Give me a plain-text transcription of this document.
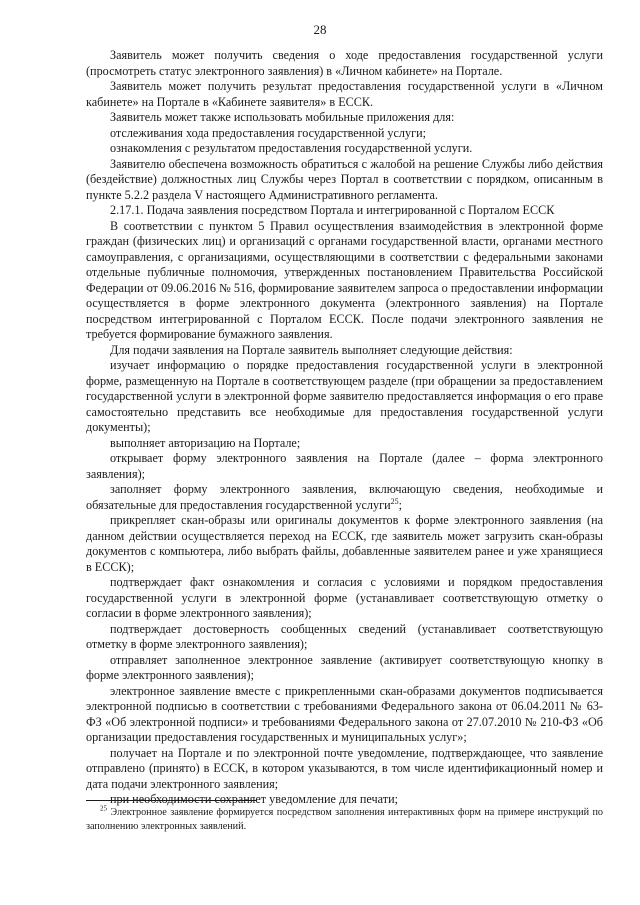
28

Заявитель может получить сведения о ходе предоставления государственной услуги (просмотреть статус электронного заявления) в «Личном кабинете» на Портале.

Заявитель может получить результат предоставления государственной услуги в «Личном кабинете» на Портале в «Кабинете заявителя» в ЕССК.

Заявитель может также использовать мобильные приложения для:

отслеживания хода предоставления государственной услуги;

ознакомления с результатом предоставления государственной услуги.

Заявителю обеспечена возможность обратиться с жалобой на решение Службы либо действия (бездействие) должностных лиц Службы через Портал в соответствии с порядком, описанным в пункте 5.2.2 раздела V настоящего Административного регламента.

2.17.1. Подача заявления посредством Портала и интегрированной с Порталом ЕССК

В соответствии с пунктом 5 Правил осуществления взаимодействия в электронной форме граждан (физических лиц) и организаций с органами государственной власти, органами местного самоуправления, с организациями, осуществляющими в соответствии с федеральными законами отдельные публичные полномочия, утвержденных постановлением Правительства Российской Федерации от 09.06.2016 № 516, формирование заявителем запроса о предоставлении информации осуществляется в форме электронного документа (электронного заявления) на Портале посредством интегрированной с Порталом ЕССК. После подачи электронного заявления не требуется формирование бумажного заявления.

Для подачи заявления на Портале заявитель выполняет следующие действия:

изучает информацию о порядке предоставления государственной услуги в электронной форме, размещенную на Портале в соответствующем разделе (при обращении за предоставлением государственной услуги в электронной форме заявителю предоставляется информация о его праве самостоятельно представить все необходимые для предоставления государственной услуги документы);

выполняет авторизацию на Портале;

открывает форму электронного заявления на Портале (далее – форма электронного заявления);

заполняет форму электронного заявления, включающую сведения, необходимые и обязательные для предоставления государственной услуги$^{25}$;

прикрепляет скан-образы или оригиналы документов к форме электронного заявления (на данном действии осуществляется переход на ЕССК, где заявитель может загрузить скан-образы документов с компьютера, либо выбрать файлы, добавленные заявителем ранее и уже хранящиеся в ЕССК);

подтверждает факт ознакомления и согласия с условиями и порядком предоставления государственной услуги в электронной форме (устанавливает соответствующую отметку о согласии в форме электронного заявления);

подтверждает достоверность сообщенных сведений (устанавливает соответствующую отметку в форме электронного заявления);

отправляет заполненное электронное заявление (активирует соответствующую кнопку в форме электронного заявления);

электронное заявление вместе с прикрепленными скан-образами документов подписывается электронной подписью в соответствии с требованиями Федерального закона от 06.04.2011 № 63-ФЗ «Об электронной подписи» и требованиями Федерального закона от 27.07.2010 № 210-ФЗ «Об организации предоставления государственных и муниципальных услуг»;

получает на Портале и по электронной почте уведомление, подтверждающее, что заявление отправлено (принято) в ЕССК, в котором указываются, в том числе идентификационный номер и дата подачи электронного заявления;

при необходимости сохраняет уведомление для печати;

$^{25}$ Электронное заявление формируется посредством заполнения интерактивных форм на примере инструкций по заполнению электронных заявлений.
